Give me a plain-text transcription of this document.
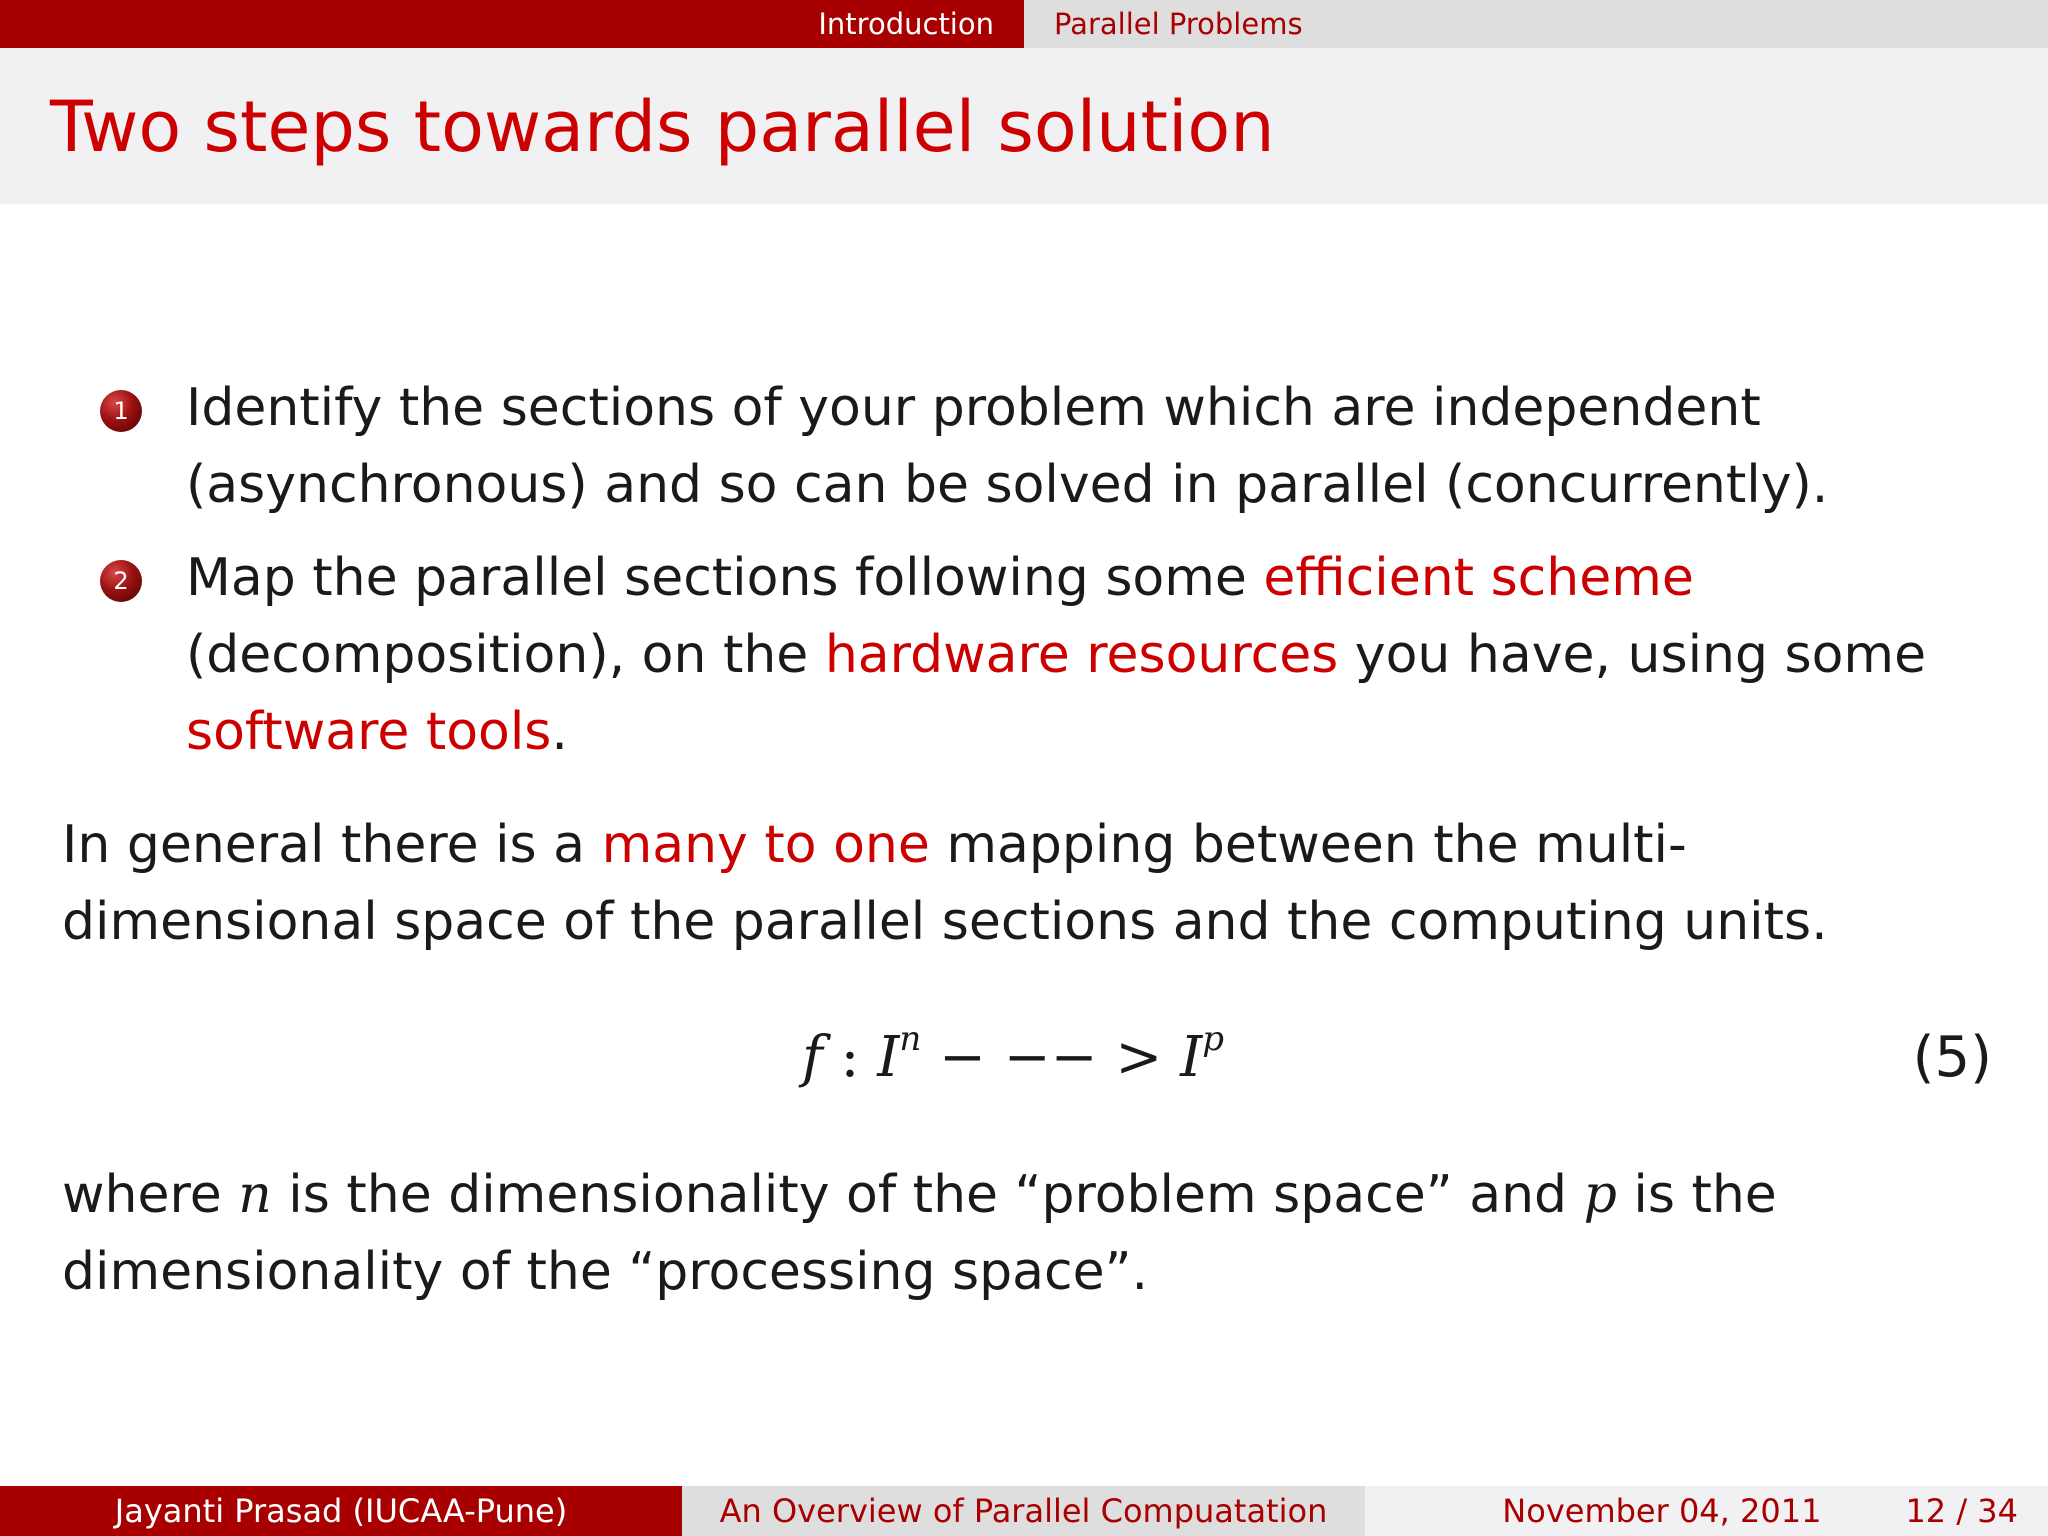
Introduction	Parallel Problems
Two steps towards parallel solution
1 Identify the sections of your problem which are independent (asynchronous) and so can be solved in parallel (concurrently).
2 Map the parallel sections following some efficient scheme (decomposition), on the hardware resources you have, using some software tools.

In general there is a many to one mapping between the multi-dimensional space of the parallel sections and the computing units.

f : $I^n$ − −− > $I^p$	(5)

where n is the dimensionality of the “problem space” and p is the dimensionality of the “processing space”.

Jayanti Prasad (IUCAA-Pune)	An Overview of Parallel Compuatation	November 04, 2011	12 / 34
